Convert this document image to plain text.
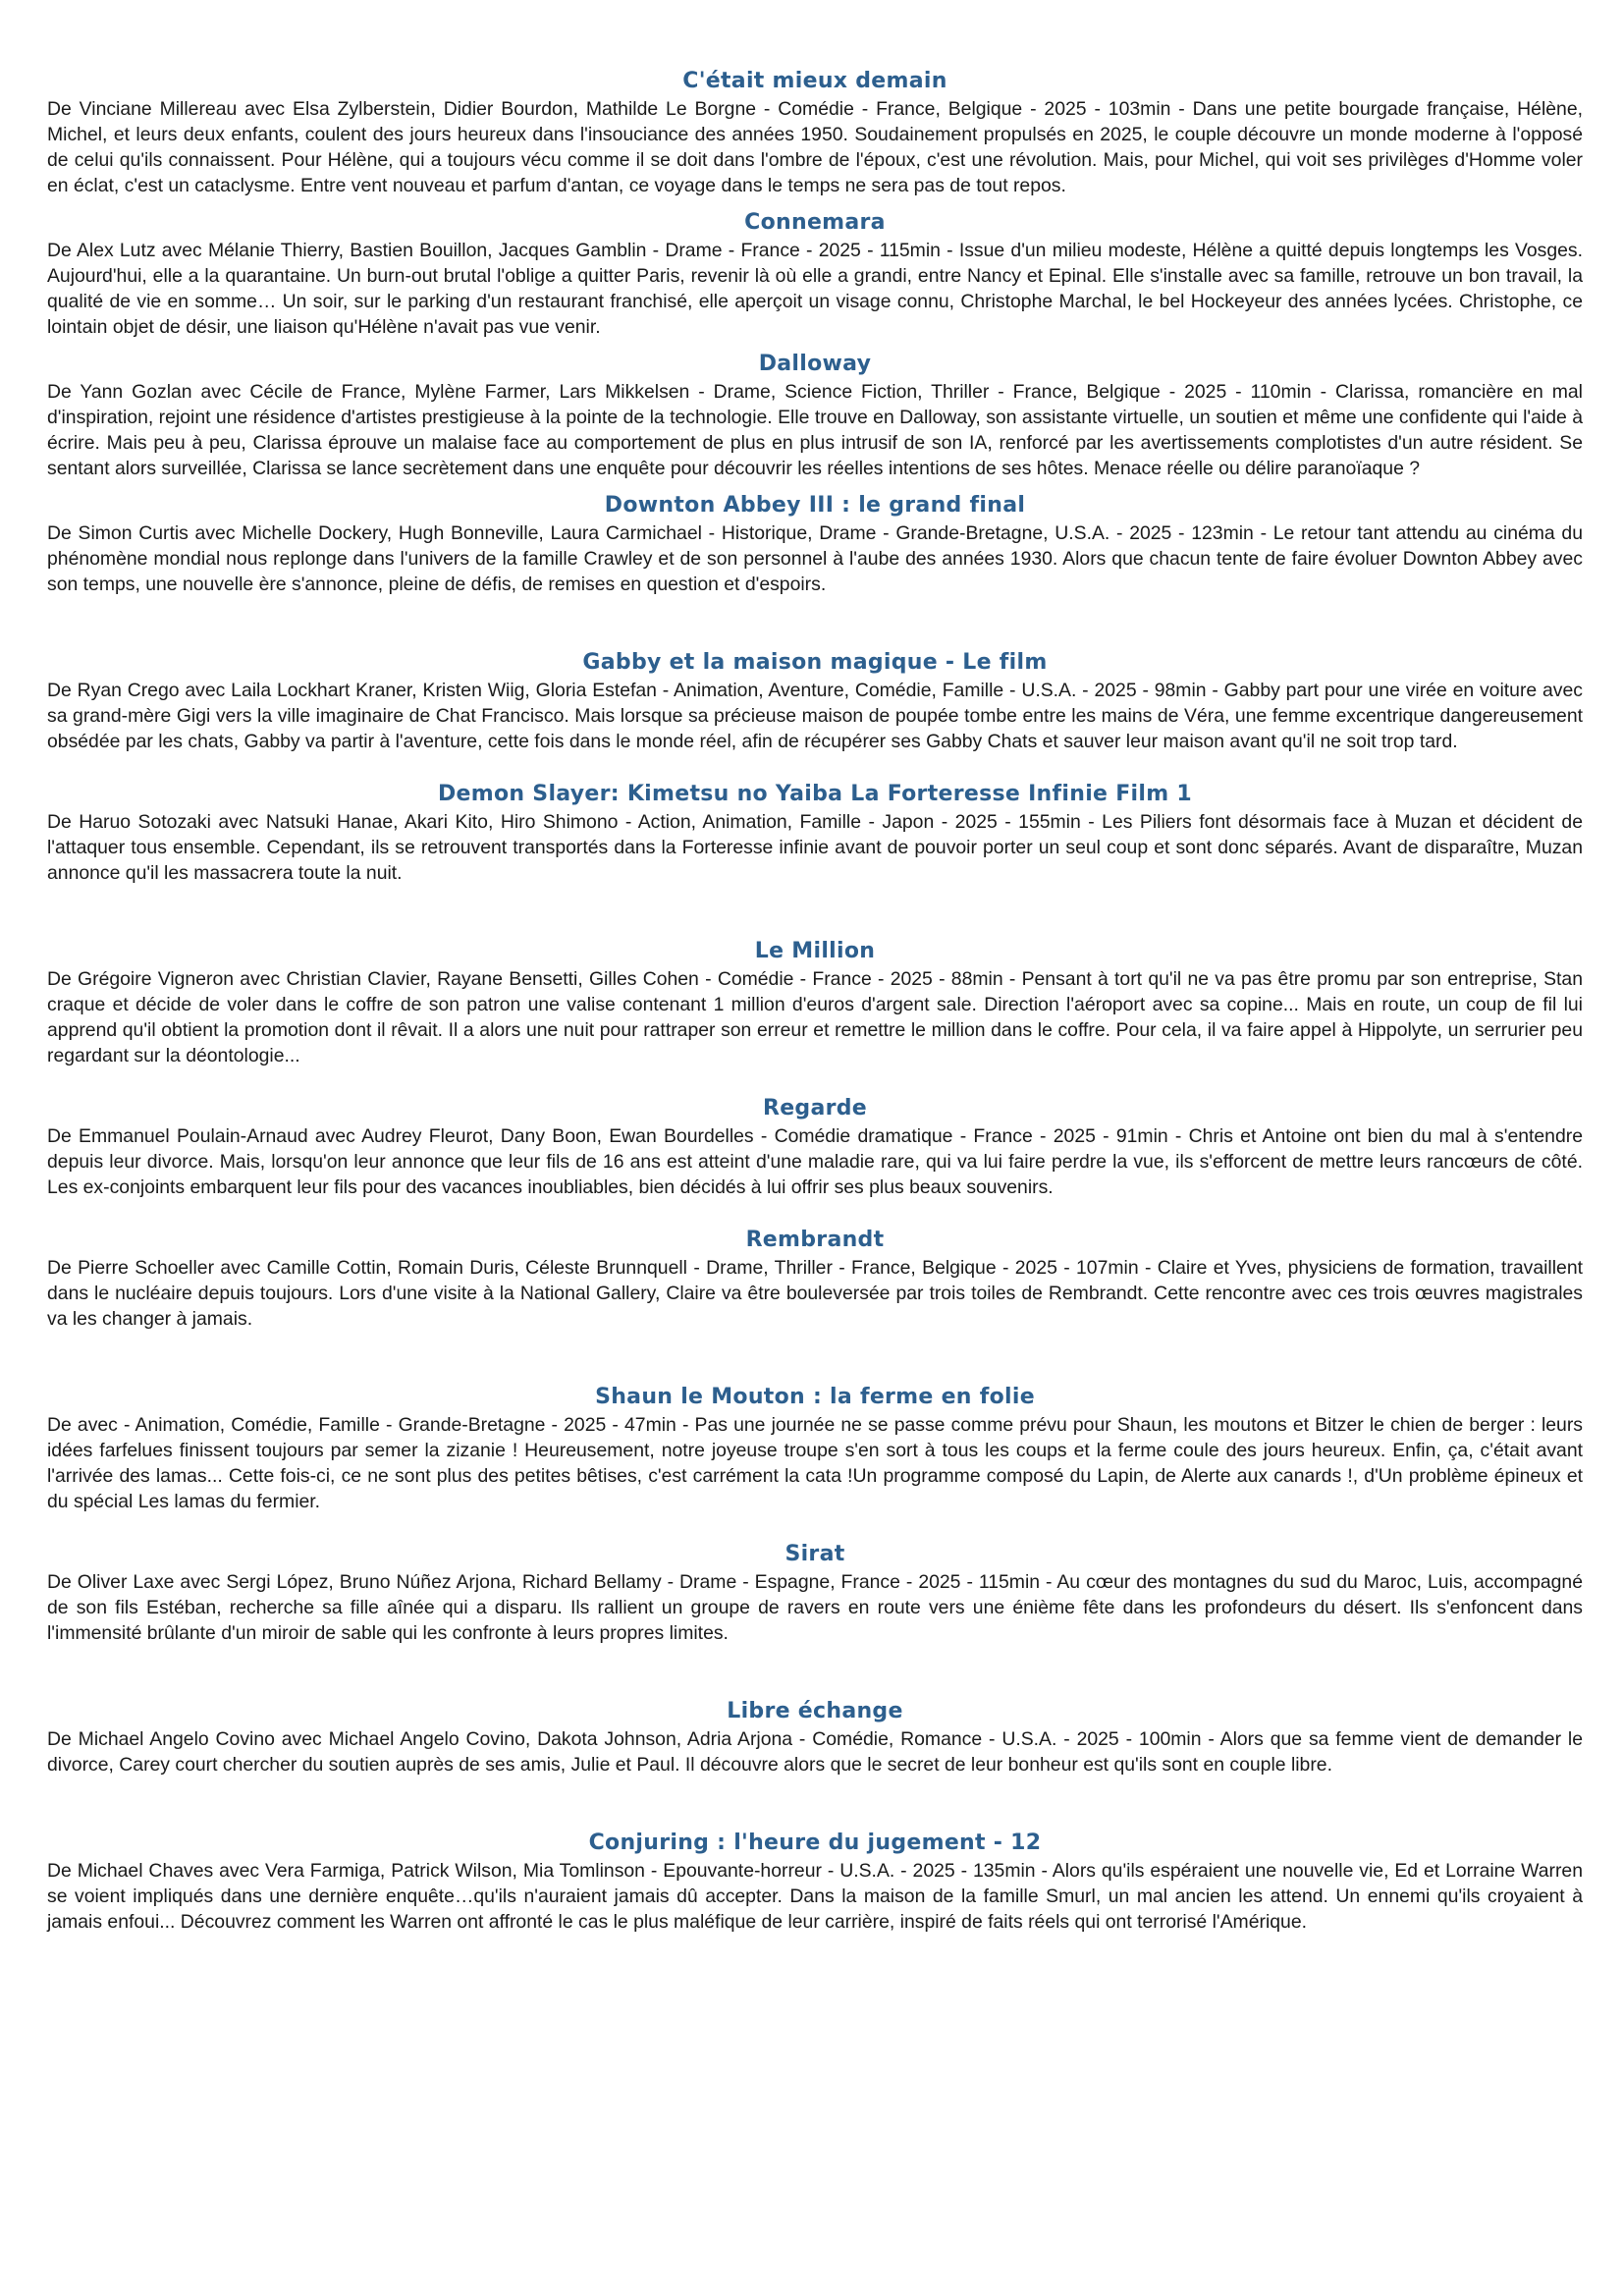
C'était mieux demain

De Vinciane Millereau avec Elsa Zylberstein, Didier Bourdon, Mathilde Le Borgne - Comédie - France, Belgique - 2025 - 103min - Dans une petite bourgade française, Hélène, Michel, et leurs deux enfants, coulent des jours heureux dans l'insouciance des années 1950. Soudainement propulsés en 2025, le couple découvre un monde moderne à l'opposé de celui qu'ils connaissent. Pour Hélène, qui a toujours vécu comme il se doit dans l'ombre de l'époux, c'est une révolution. Mais, pour Michel, qui voit ses privilèges d'Homme voler en éclat, c'est un cataclysme. Entre vent nouveau et parfum d'antan, ce voyage dans le temps ne sera pas de tout repos.

Connemara

De Alex Lutz avec Mélanie Thierry, Bastien Bouillon, Jacques Gamblin - Drame - France - 2025 - 115min - Issue d'un milieu modeste, Hélène a quitté depuis longtemps les Vosges. Aujourd'hui, elle a la quarantaine. Un burn-out brutal l'oblige a quitter Paris, revenir là où elle a grandi, entre Nancy et Epinal. Elle s'installe avec sa famille, retrouve un bon travail, la qualité de vie en somme… Un soir, sur le parking d'un restaurant franchisé, elle aperçoit un visage connu, Christophe Marchal, le bel Hockeyeur des années lycées. Christophe, ce lointain objet de désir, une liaison qu'Hélène n'avait pas vue venir.

Dalloway

De Yann Gozlan avec Cécile de France, Mylène Farmer, Lars Mikkelsen - Drame, Science Fiction, Thriller - France, Belgique - 2025 - 110min - Clarissa, romancière en mal d'inspiration, rejoint une résidence d'artistes prestigieuse à la pointe de la technologie. Elle trouve en Dalloway, son assistante virtuelle, un soutien et même une confidente qui l'aide à écrire. Mais peu à peu, Clarissa éprouve un malaise face au comportement de plus en plus intrusif de son IA, renforcé par les avertissements complotistes d'un autre résident. Se sentant alors surveillée, Clarissa se lance secrètement dans une enquête pour découvrir les réelles intentions de ses hôtes. Menace réelle ou délire paranoïaque ?

Downton Abbey III : le grand final

De Simon Curtis avec Michelle Dockery, Hugh Bonneville, Laura Carmichael - Historique, Drame - Grande-Bretagne, U.S.A. - 2025 - 123min - Le retour tant attendu au cinéma du phénomène mondial nous replonge dans l'univers de la famille Crawley et de son personnel à l'aube des années 1930. Alors que chacun tente de faire évoluer Downton Abbey avec son temps, une nouvelle ère s'annonce, pleine de défis, de remises en question et d'espoirs.

Gabby et la maison magique - Le film

De Ryan Crego avec Laila Lockhart Kraner, Kristen Wiig, Gloria Estefan - Animation, Aventure, Comédie, Famille - U.S.A. - 2025 - 98min - Gabby part pour une virée en voiture avec sa grand-mère Gigi vers la ville imaginaire de Chat Francisco. Mais lorsque sa précieuse maison de poupée tombe entre les mains de Véra, une femme excentrique dangereusement obsédée par les chats, Gabby va partir à l'aventure, cette fois dans le monde réel, afin de récupérer ses Gabby Chats et sauver leur maison avant qu'il ne soit trop tard.

Demon Slayer: Kimetsu no Yaiba La Forteresse Infinie Film 1

De Haruo Sotozaki avec Natsuki Hanae, Akari Kito, Hiro Shimono - Action, Animation, Famille - Japon - 2025 - 155min - Les Piliers font désormais face à Muzan et décident de l'attaquer tous ensemble. Cependant, ils se retrouvent transportés dans la Forteresse infinie avant de pouvoir porter un seul coup et sont donc séparés. Avant de disparaître, Muzan annonce qu'il les massacrera toute la nuit.

Le Million

De Grégoire Vigneron avec Christian Clavier, Rayane Bensetti, Gilles Cohen - Comédie - France - 2025 - 88min - Pensant à tort qu'il ne va pas être promu par son entreprise, Stan craque et décide de voler dans le coffre de son patron une valise contenant 1 million d'euros d'argent sale. Direction l'aéroport avec sa copine... Mais en route, un coup de fil lui apprend qu'il obtient la promotion dont il rêvait. Il a alors une nuit pour rattraper son erreur et remettre le million dans le coffre. Pour cela, il va faire appel à Hippolyte, un serrurier peu regardant sur la déontologie...

Regarde

De Emmanuel Poulain-Arnaud avec Audrey Fleurot, Dany Boon, Ewan Bourdelles - Comédie dramatique - France - 2025 - 91min - Chris et Antoine ont bien du mal à s'entendre depuis leur divorce. Mais, lorsqu'on leur annonce que leur fils de 16 ans est atteint d'une maladie rare, qui va lui faire perdre la vue, ils s'efforcent de mettre leurs rancœurs de côté. Les ex-conjoints embarquent leur fils pour des vacances inoubliables, bien décidés à lui offrir ses plus beaux souvenirs.

Rembrandt

De Pierre Schoeller avec Camille Cottin, Romain Duris, Céleste Brunnquell - Drame, Thriller - France, Belgique - 2025 - 107min - Claire et Yves, physiciens de formation, travaillent dans le nucléaire depuis toujours. Lors d'une visite à la National Gallery, Claire va être bouleversée par trois toiles de Rembrandt. Cette rencontre avec ces trois œuvres magistrales va les changer à jamais.

Shaun le Mouton : la ferme en folie

De avec - Animation, Comédie, Famille - Grande-Bretagne - 2025 - 47min - Pas une journée ne se passe comme prévu pour Shaun, les moutons et Bitzer le chien de berger : leurs idées farfelues finissent toujours par semer la zizanie ! Heureusement, notre joyeuse troupe s'en sort à tous les coups et la ferme coule des jours heureux. Enfin, ça, c'était avant l'arrivée des lamas... Cette fois-ci, ce ne sont plus des petites bêtises, c'est carrément la cata !Un programme composé du Lapin, de Alerte aux canards !, d'Un problème épineux et du spécial Les lamas du fermier.

Sirat

De Oliver Laxe avec Sergi López, Bruno Núñez Arjona, Richard Bellamy - Drame - Espagne, France - 2025 - 115min - Au cœur des montagnes du sud du Maroc, Luis, accompagné de son fils Estéban, recherche sa fille aînée qui a disparu. Ils rallient un groupe de ravers en route vers une énième fête dans les profondeurs du désert. Ils s'enfoncent dans l'immensité brûlante d'un miroir de sable qui les confronte à leurs propres limites.

Libre échange

De Michael Angelo Covino avec Michael Angelo Covino, Dakota Johnson, Adria Arjona - Comédie, Romance - U.S.A. - 2025 - 100min - Alors que sa femme vient de demander le divorce, Carey court chercher du soutien auprès de ses amis, Julie et Paul. Il découvre alors que le secret de leur bonheur est qu'ils sont en couple libre.

Conjuring : l'heure du jugement - 12

De Michael Chaves avec Vera Farmiga, Patrick Wilson, Mia Tomlinson - Epouvante-horreur - U.S.A. - 2025 - 135min - Alors qu'ils espéraient une nouvelle vie, Ed et Lorraine Warren se voient impliqués dans une dernière enquête…qu'ils n'auraient jamais dû accepter. Dans la maison de la famille Smurl, un mal ancien les attend. Un ennemi qu'ils croyaient à jamais enfoui... Découvrez comment les Warren ont affronté le cas le plus maléfique de leur carrière, inspiré de faits réels qui ont terrorisé l'Amérique.
